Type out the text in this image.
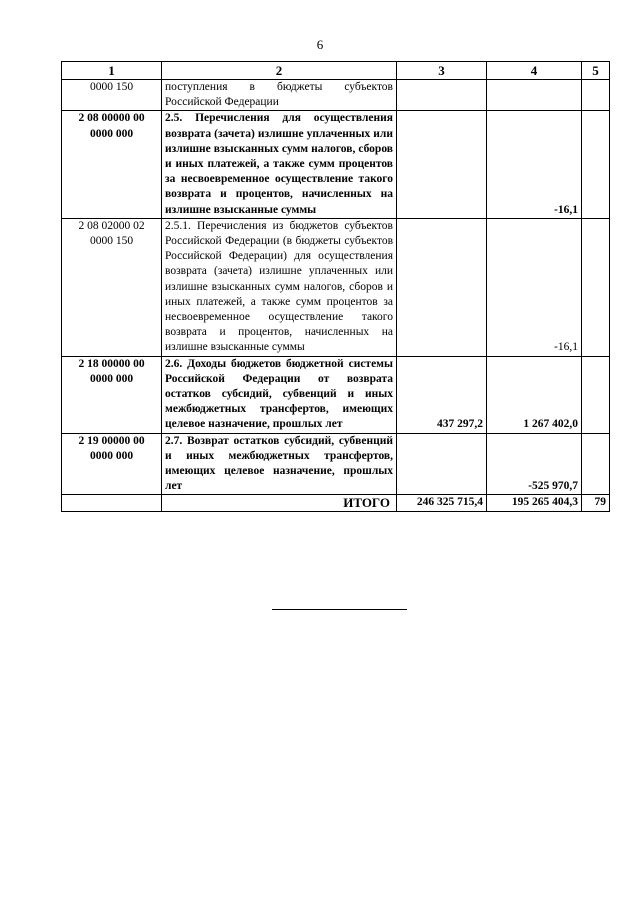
6
1	2	3	4	5

0000 150	поступления в бюджеты субъектов Российской Федерации			

2 08 00000 00
0000 000	2.5. Перечисления для осуществления возврата (зачета) излишне уплаченных или излишне взысканных сумм налогов, сборов и иных платежей, а также сумм процентов за несвоевременное осуществление такого возврата и процентов, начисленных на излишне взысканные суммы		-16,1	

2 08 02000 02
0000 150	2.5.1. Перечисления из бюджетов субъектов Российской Федерации (в бюджеты субъектов Российской Федерации) для осуществления возврата (зачета) излишне уплаченных или излишне взысканных сумм налогов, сборов и иных платежей, а также сумм процентов за несвоевременное осуществление такого возврата и процентов, начисленных на излишне взысканные суммы		-16,1	

2 18 00000 00
0000 000	2.6. Доходы бюджетов бюджетной системы Российской Федерации от возврата остатков субсидий, субвенций и иных межбюджетных трансфертов, имеющих целевое назначение, прошлых лет	437 297,2	1 267 402,0	

2 19 00000 00
0000 000	2.7. Возврат остатков субсидий, субвенций и иных межбюджетных трансфертов, имеющих целевое назначение, прошлых лет		-525 970,7	
	ИТОГО	246 325 715,4	195 265 404,3	79
